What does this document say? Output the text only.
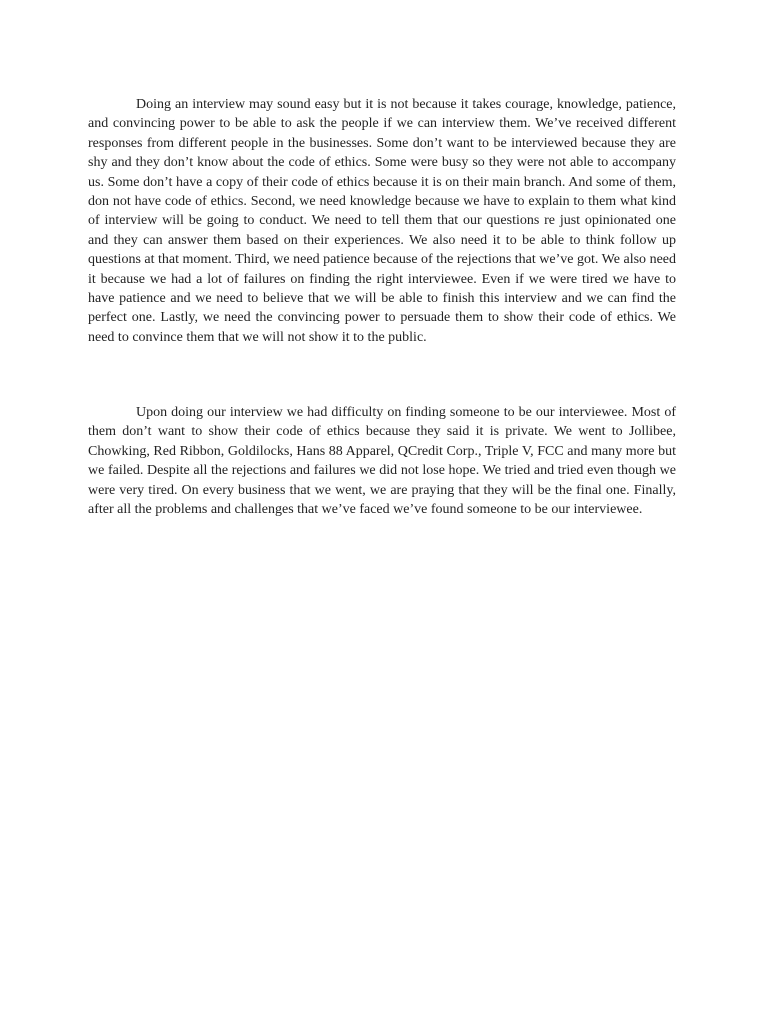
Doing an interview may sound easy but it is not because it takes courage, knowledge, patience, and convincing power to be able to ask the people if we can interview them. We’ve received different responses from different people in the businesses. Some don’t want to be interviewed because they are shy and they don’t know about the code of ethics. Some were busy so they were not able to accompany us. Some don’t have a copy of their code of ethics because it is on their main branch. And some of them, don not have code of ethics. Second, we need knowledge because we have to explain to them what kind of interview will be going to conduct. We need to tell them that our questions re just opinionated one and they can answer them based on their experiences. We also need it to be able to think follow up questions at that moment. Third, we need patience because of the rejections that we’ve got. We also need it because we had a lot of failures on finding the right interviewee. Even if we were tired we have to have patience and we need to believe that we will be able to finish this interview and we can find the perfect one. Lastly, we need the convincing power to persuade them to show their code of ethics. We need to convince them that we will not show it to the public.

Upon doing our interview we had difficulty on finding someone to be our interviewee. Most of them don’t want to show their code of ethics because they said it is private. We went to Jollibee, Chowking, Red Ribbon, Goldilocks, Hans 88 Apparel, QCredit Corp., Triple V, FCC and many more but we failed. Despite all the rejections and failures we did not lose hope. We tried and tried even though we were very tired. On every business that we went, we are praying that they will be the final one. Finally, after all the problems and challenges that we’ve faced we’ve found someone to be our interviewee.
